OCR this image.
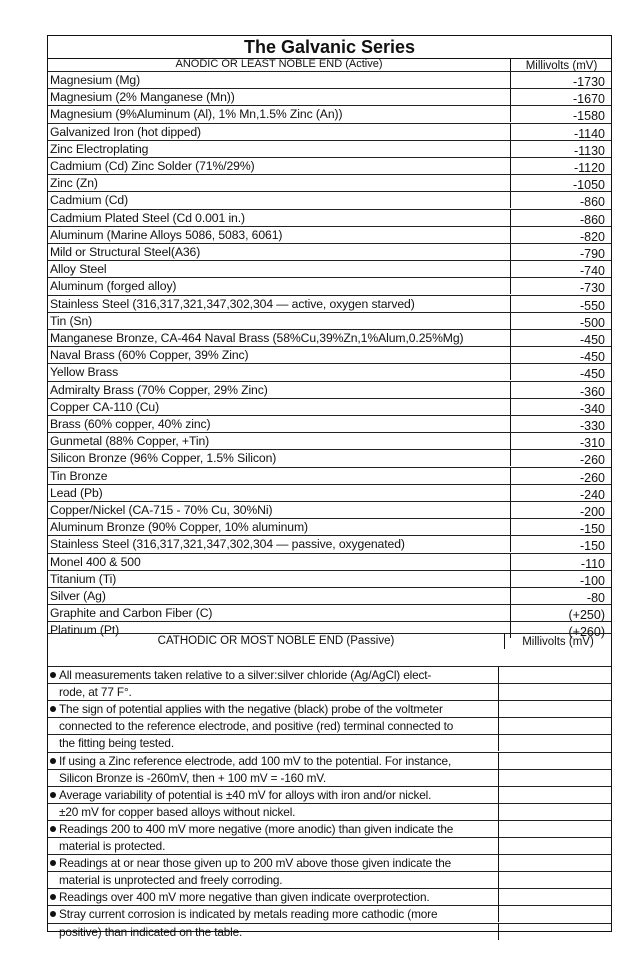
The Galvanic Series
ANODIC OR LEAST NOBLE END (Active)	Millivolts (mV)
Magnesium (Mg)	-1730
Magnesium (2% Manganese (Mn))	-1670
Magnesium (9%Aluminum (Al), 1% Mn,1.5% Zinc (An))	-1580
Galvanized Iron (hot dipped)	-1140
Zinc Electroplating	-1130
Cadmium (Cd) Zinc Solder (71%/29%)	-1120
Zinc (Zn)	-1050
Cadmium (Cd)	-860
Cadmium Plated Steel (Cd 0.001 in.)	-860
Aluminum (Marine Alloys 5086, 5083, 6061)	-820
Mild or Structural Steel(A36)	-790
Alloy Steel	-740
Aluminum (forged alloy)	-730
Stainless Steel (316,317,321,347,302,304 — active, oxygen starved)	-550
Tin (Sn)	-500
Manganese Bronze, CA-464 Naval Brass (58%Cu,39%Zn,1%Alum,0.25%Mg)	-450
Naval Brass (60% Copper, 39% Zinc)	-450
Yellow Brass	-450
Admiralty Brass (70% Copper, 29% Zinc)	-360
Copper CA-110 (Cu)	-340
Brass (60% copper, 40% zinc)	-330
Gunmetal (88% Copper, +Tin)	-310
Silicon Bronze (96% Copper, 1.5% Silicon)	-260
Tin Bronze	-260
Lead (Pb)	-240
Copper/Nickel (CA-715 - 70% Cu, 30%Ni)	-200
Aluminum Bronze (90% Copper, 10% aluminum)	-150
Stainless Steel (316,317,321,347,302,304 — passive, oxygenated)	-150
Monel 400 & 500	-110
Titanium (Ti)	-100
Silver (Ag)	-80
Graphite and Carbon Fiber (C)	(+250)
Platinum (Pt)	(+260)
CATHODIC OR MOST NOBLE END (Passive)	Millivolts (mV)
All measurements taken relative to a silver:silver chloride (Ag/AgCl) elect-
rode, at 77 F°.
The sign of potential applies with the negative (black) probe of the voltmeter
connected to the reference electrode, and positive (red) terminal connected to
the fitting being tested.
If using a Zinc reference electrode, add 100 mV to the potential. For instance,
Silicon Bronze is -260mV, then + 100 mV = -160 mV.
Average variability of potential is ±40 mV for alloys with iron and/or nickel.
±20 mV for copper based alloys without nickel.
Readings 200 to 400 mV more negative (more anodic) than given indicate the
material is protected.
Readings at or near those given up to 200 mV above those given indicate the
material is unprotected and freely corroding.
Readings over 400 mV more negative than given indicate overprotection.
Stray current corrosion is indicated by metals reading more cathodic (more
positive) than indicated on the table.
